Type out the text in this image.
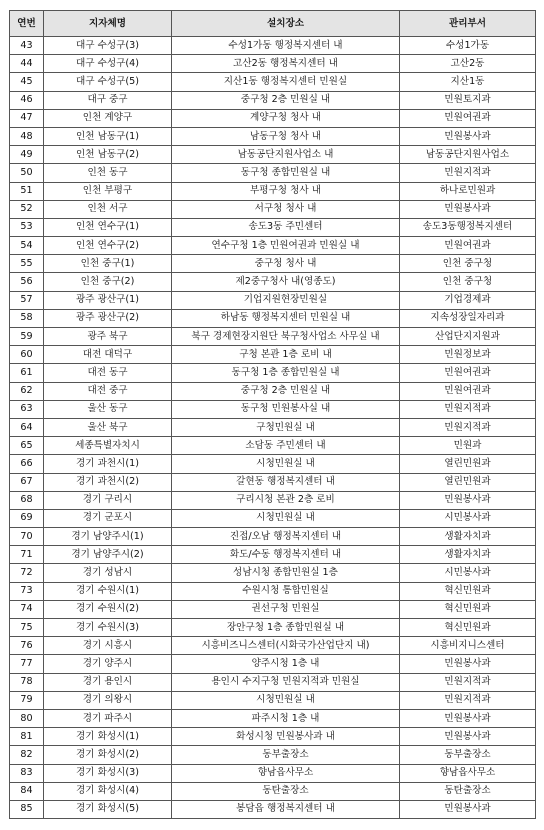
연번	지자체명	설치장소	관리부서
43	대구 수성구(3)	수성1가동 행정복지센터 내	수성1가동
44	대구 수성구(4)	고산2동 행정복지센터 내	고산2동
45	대구 수성구(5)	지산1동 행정복지센터 민원실	지산1동
46	대구 중구	중구청 2층 민원실 내	민원토지과
47	인천 계양구	계양구청 청사 내	민원여권과
48	인천 남동구(1)	남동구청 청사 내	민원봉사과
49	인천 남동구(2)	남동공단지원사업소 내	남동공단지원사업소
50	인천 동구	동구청 종합민원실 내	민원지적과
51	인천 부평구	부평구청 청사 내	하나로민원과
52	인천 서구	서구청 청사 내	민원봉사과
53	인천 연수구(1)	송도3동 주민센터	송도3동행정복지센터
54	인천 연수구(2)	연수구청 1층 민원여권과 민원실 내	민원여권과
55	인천 중구(1)	중구청 청사 내	인천 중구청
56	인천 중구(2)	제2중구청사 내(영종도)	인천 중구청
57	광주 광산구(1)	기업지원현장민원실	기업경제과
58	광주 광산구(2)	하남동 행정복지센터 민원실 내	지속성장일자리과
59	광주 북구	북구 경제현장지원단 북구청사업소 사무실 내	산업단지지원과
60	대전 대덕구	구청 본관 1층 로비 내	민원정보과
61	대전 동구	동구청 1층 종합민원실 내	민원여권과
62	대전 중구	중구청 2층 민원실 내	민원여권과
63	울산 동구	동구청 민원봉사실 내	민원지적과
64	울산 북구	구청민원실 내	민원지적과
65	세종특별자치시	소담동 주민센터 내	민원과
66	경기 과천시(1)	시청민원실 내	열린민원과
67	경기 과천시(2)	갈현동 행정복지센터 내	열린민원과
68	경기 구리시	구리시청 본관 2층 로비	민원봉사과
69	경기 군포시	시청민원실 내	시민봉사과
70	경기 남양주시(1)	진접/오남 행정복지센터 내	생활자치과
71	경기 남양주시(2)	화도/수동 행정복지센터 내	생활자치과
72	경기 성남시	성남시청 종합민원실 1층	시민봉사과
73	경기 수원시(1)	수원시청 통합민원실	혁신민원과
74	경기 수원시(2)	권선구청 민원실	혁신민원과
75	경기 수원시(3)	장안구청 1층 종합민원실 내	혁신민원과
76	경기 시흥시	시흥비즈니스센터(시화국가산업단지 내)	시흥비지니스센터
77	경기 양주시	양주시청 1층 내	민원봉사과
78	경기 용인시	용인시 수지구청 민원지적과 민원실	민원지적과
79	경기 의왕시	시청민원실 내	민원지적과
80	경기 파주시	파주시청 1층 내	민원봉사과
81	경기 화성시(1)	화성시청 민원봉사과 내	민원봉사과
82	경기 화성시(2)	동부출장소	동부출장소
83	경기 화성시(3)	향남읍사무소	향남읍사무소
84	경기 화성시(4)	동탄출장소	동탄출장소
85	경기 화성시(5)	봉담읍 행정복지센터 내	민원봉사과
